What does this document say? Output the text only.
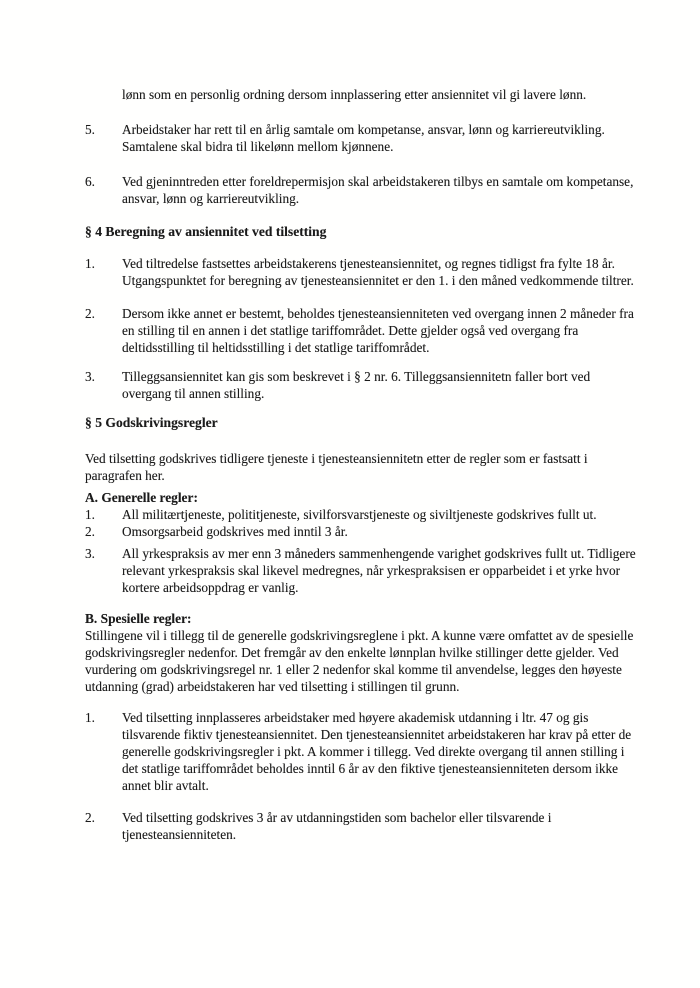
lønn som en personlig ordning dersom innplassering etter ansiennitet vil gi lavere lønn.
5.	Arbeidstaker har rett til en årlig samtale om kompetanse, ansvar, lønn og karriereutvikling. Samtalene skal bidra til likelønn mellom kjønnene.
6.	Ved gjeninntreden etter foreldrepermisjon skal arbeidstakeren tilbys en samtale om kompetanse, ansvar, lønn og karriereutvikling.
§ 4 Beregning av ansiennitet ved tilsetting
1.	Ved tiltredelse fastsettes arbeidstakerens tjenesteansiennitet, og regnes tidligst fra fylte 18 år. Utgangspunktet for beregning av tjenesteansiennitet er den 1. i den måned vedkommende tiltrer.
2.	Dersom ikke annet er bestemt, beholdes tjenesteansienniteten ved overgang innen 2 måneder fra en stilling til en annen i det statlige tariffområdet. Dette gjelder også ved overgang fra deltidsstilling til heltidsstilling i det statlige tariffområdet.
3.	Tilleggsansiennitet kan gis som beskrevet i § 2 nr. 6. Tilleggsansiennitetn faller bort ved overgang til annen stilling.
§ 5 Godskrivingsregler
Ved tilsetting godskrives tidligere tjeneste i tjenesteansiennitetn etter de regler som er fastsatt i paragrafen her.
A. Generelle regler:
1.	All militærtjeneste, polititjeneste, sivilforsvarstjeneste og siviltjeneste godskrives fullt ut.
2.	Omsorgsarbeid godskrives med inntil 3 år.
3.	All yrkespraksis av mer enn 3 måneders sammenhengende varighet godskrives fullt ut. Tidligere relevant yrkespraksis skal likevel medregnes, når yrkespraksisen er opparbeidet i et yrke hvor kortere arbeidsoppdrag er vanlig.
B. Spesielle regler:
Stillingene vil i tillegg til de generelle godskrivingsreglene i pkt. A kunne være omfattet av de spesielle godskrivingsregler nedenfor. Det fremgår av den enkelte lønnplan hvilke stillinger dette gjelder. Ved vurdering om godskrivingsregel nr. 1 eller 2 nedenfor skal komme til anvendelse, legges den høyeste utdanning (grad) arbeidstakeren har ved tilsetting i stillingen til grunn.
1.	Ved tilsetting innplasseres arbeidstaker med høyere akademisk utdanning i ltr. 47 og gis tilsvarende fiktiv tjenesteansiennitet. Den tjenesteansiennitet arbeidstakeren har krav på etter de generelle godskrivingsregler i pkt. A kommer i tillegg. Ved direkte overgang til annen stilling i det statlige tariffområdet beholdes inntil 6 år av den fiktive tjenesteansienniteten dersom ikke annet blir avtalt.
2.	Ved tilsetting godskrives 3 år av utdanningstiden som bachelor eller tilsvarende i tjenesteansienniteten.
